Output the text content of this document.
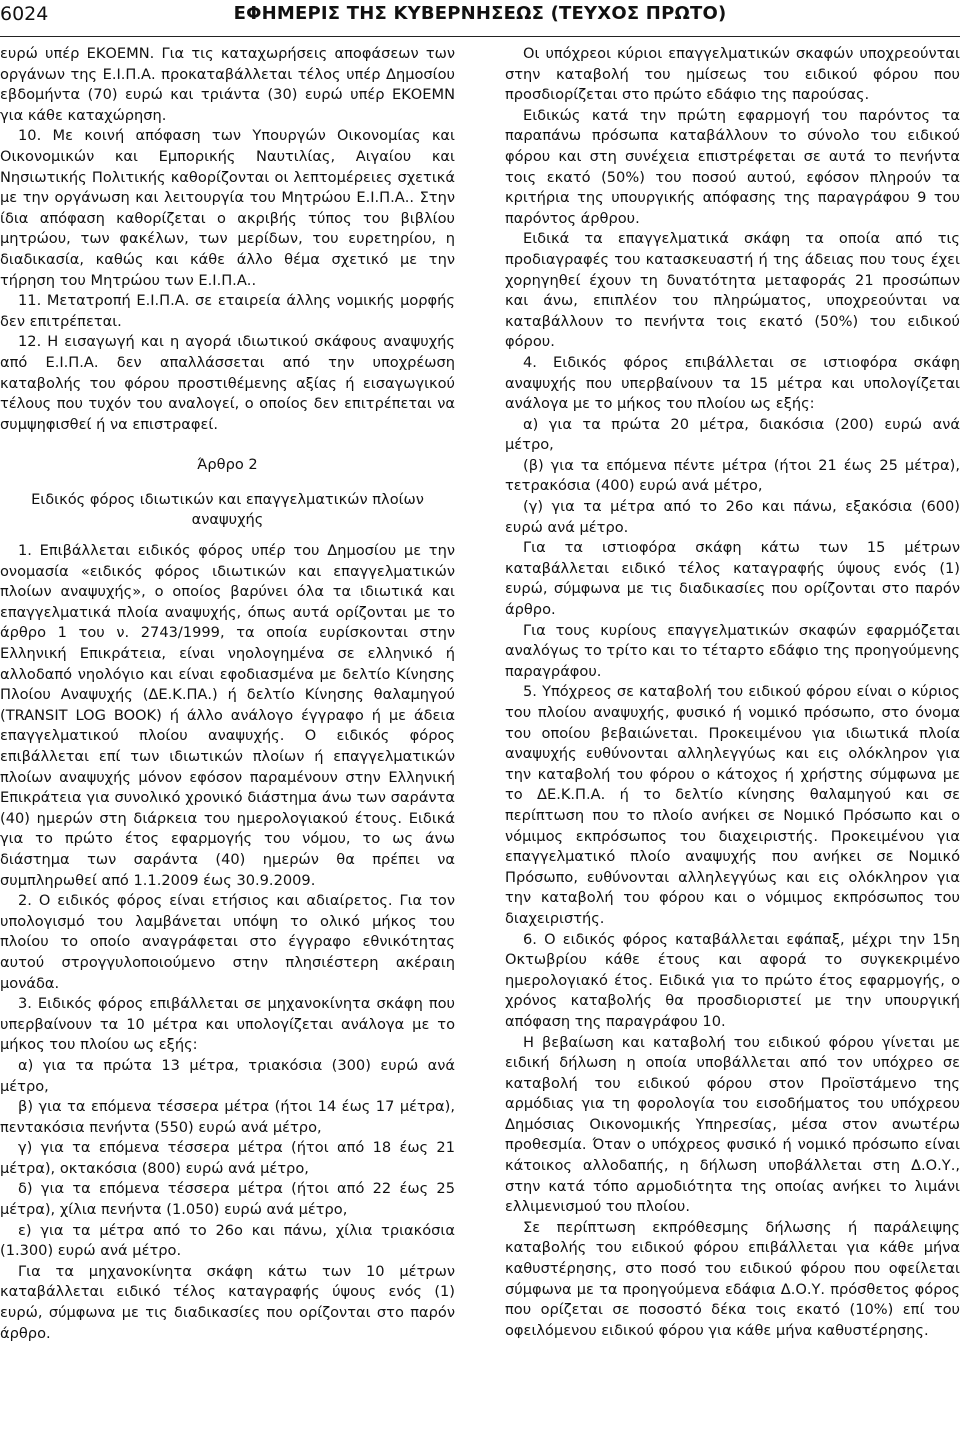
6024	ΕΦΗΜΕΡΙΣ ΤΗΣ ΚΥΒΕΡΝΗΣΕΩΣ (ΤΕΥΧΟΣ ΠΡΩΤΟ)

ευρώ υπέρ ΕΚΟΕΜΝ. Για τις καταχωρήσεις αποφάσεων των οργάνων της Ε.Ι.Π.Α. προκαταβάλλεται τέλος υπέρ Δημοσίου εβδομήντα (70) ευρώ και τριάντα (30) ευρώ υπέρ ΕΚΟΕΜΝ για κάθε καταχώρηση.

10. Με κοινή απόφαση των Υπουργών Οικονομίας και Οικονομικών και Εμπορικής Ναυτιλίας, Αιγαίου και Νησιωτικής Πολιτικής καθορίζονται οι λεπτομέρειες σχετικά με την οργάνωση και λειτουργία του Μητρώου Ε.Ι.Π.Α.. Στην ίδια απόφαση καθορίζεται ο ακριβής τύπος του βιβλίου μητρώου, των φακέλων, των μερίδων, του ευρετηρίου, η διαδικασία, καθώς και κάθε άλλο θέμα σχετικό με την τήρηση του Μητρώου των Ε.Ι.Π.Α..

11. Μετατροπή Ε.Ι.Π.Α. σε εταιρεία άλλης νομικής μορφής δεν επιτρέπεται.

12. Η εισαγωγή και η αγορά ιδιωτικού σκάφους αναψυχής από Ε.Ι.Π.Α. δεν απαλλάσσεται από την υποχρέωση καταβολής του φόρου προστιθέμενης αξίας ή εισαγωγικού τέλους που τυχόν του αναλογεί, ο οποίος δεν επιτρέπεται να συμψηφισθεί ή να επιστραφεί.

Άρθρο 2

Ειδικός φόρος ιδιωτικών και επαγγελματικών πλοίων αναψυχής

1. Επιβάλλεται ειδικός φόρος υπέρ του Δημοσίου με την ονομασία «ειδικός φόρος ιδιωτικών και επαγγελματικών πλοίων αναψυχής», ο οποίος βαρύνει όλα τα ιδιωτικά και επαγγελματικά πλοία αναψυχής, όπως αυτά ορίζονται με το άρθρο 1 του ν. 2743/1999, τα οποία ευρίσκονται στην Ελληνική Επικράτεια, είναι νηολογημένα σε ελληνικό ή αλλοδαπό νηολόγιο και είναι εφοδιασμένα με δελτίο Κίνησης Πλοίου Αναψυχής (ΔΕ.Κ.ΠΑ.) ή δελτίο Κίνησης θαλαμηγού (TRANSIT LOG BOOK) ή άλλο ανάλογο έγγραφο ή με άδεια επαγγελματικού πλοίου αναψυχής. Ο ειδικός φόρος επιβάλλεται επί των ιδιωτικών πλοίων ή επαγγελματικών πλοίων αναψυχής μόνον εφόσον παραμένουν στην Ελληνική Επικράτεια για συνολικό χρονικό διάστημα άνω των σαράντα (40) ημερών στη διάρκεια του ημερολογιακού έτους. Ειδικά για το πρώτο έτος εφαρμογής του νόμου, το ως άνω διάστημα των σαράντα (40) ημερών θα πρέπει να συμπληρωθεί από 1.1.2009 έως 30.9.2009.

2. Ο ειδικός φόρος είναι ετήσιος και αδιαίρετος. Για τον υπολογισμό του λαμβάνεται υπόψη το ολικό μήκος του πλοίου το οποίο αναγράφεται στο έγγραφο εθνικότητας αυτού στρογγυλοποιούμενο στην πλησιέστερη ακέραιη μονάδα.

3. Ειδικός φόρος επιβάλλεται σε μηχανοκίνητα σκάφη που υπερβαίνουν τα 10 μέτρα και υπολογίζεται ανάλογα με το μήκος του πλοίου ως εξής:

α) για τα πρώτα 13 μέτρα, τριακόσια (300) ευρώ ανά μέτρο,

β) για τα επόμενα τέσσερα μέτρα (ήτοι 14 έως 17 μέτρα), πεντακόσια πενήντα (550) ευρώ ανά μέτρο,

γ) για τα επόμενα τέσσερα μέτρα (ήτοι από 18 έως 21 μέτρα), οκτακόσια (800) ευρώ ανά μέτρο,

δ) για τα επόμενα τέσσερα μέτρα (ήτοι από 22 έως 25 μέτρα), χίλια πενήντα (1.050) ευρώ ανά μέτρο,

ε) για τα μέτρα από το 26ο και πάνω, χίλια τριακόσια (1.300) ευρώ ανά μέτρο.

Για τα μηχανοκίνητα σκάφη κάτω των 10 μέτρων καταβάλλεται ειδικό τέλος καταγραφής ύψους ενός (1) ευρώ, σύμφωνα με τις διαδικασίες που ορίζονται στο παρόν άρθρο.

Οι υπόχρεοι κύριοι επαγγελματικών σκαφών υποχρεούνται στην καταβολή του ημίσεως του ειδικού φόρου που προσδιορίζεται στο πρώτο εδάφιο της παρούσας.

Ειδικώς κατά την πρώτη εφαρμογή του παρόντος τα παραπάνω πρόσωπα καταβάλλουν το σύνολο του ειδικού φόρου και στη συνέχεια επιστρέφεται σε αυτά το πενήντα τοις εκατό (50%) του ποσού αυτού, εφόσον πληρούν τα κριτήρια της υπουργικής απόφασης της παραγράφου 9 του παρόντος άρθρου.

Ειδικά τα επαγγελματικά σκάφη τα οποία από τις προδιαγραφές του κατασκευαστή ή της άδειας που τους έχει χορηγηθεί έχουν τη δυνατότητα μεταφοράς 21 προσώπων και άνω, επιπλέον του πληρώματος, υποχρεούνται να καταβάλλουν το πενήντα τοις εκατό (50%) του ειδικού φόρου.

4. Ειδικός φόρος επιβάλλεται σε ιστιοφόρα σκάφη αναψυχής που υπερβαίνουν τα 15 μέτρα και υπολογίζεται ανάλογα με το μήκος του πλοίου ως εξής:

α) για τα πρώτα 20 μέτρα, διακόσια (200) ευρώ ανά μέτρο,

(β) για τα επόμενα πέντε μέτρα (ήτοι 21 έως 25 μέτρα), τετρακόσια (400) ευρώ ανά μέτρο,

(γ) για τα μέτρα από το 26ο και πάνω, εξακόσια (600) ευρώ ανά μέτρο.

Για τα ιστιοφόρα σκάφη κάτω των 15 μέτρων καταβάλλεται ειδικό τέλος καταγραφής ύψους ενός (1) ευρώ, σύμφωνα με τις διαδικασίες που ορίζονται στο παρόν άρθρο.

Για τους κυρίους επαγγελματικών σκαφών εφαρμόζεται αναλόγως το τρίτο και το τέταρτο εδάφιο της προηγούμενης παραγράφου.

5. Υπόχρεος σε καταβολή του ειδικού φόρου είναι ο κύριος του πλοίου αναψυχής, φυσικό ή νομικό πρόσωπο, στο όνομα του οποίου βεβαιώνεται. Προκειμένου για ιδιωτικά πλοία αναψυχής ευθύνονται αλληλεγγύως και εις ολόκληρον για την καταβολή του φόρου ο κάτοχος ή χρήστης σύμφωνα με το ΔΕ.Κ.Π.Α. ή το δελτίο κίνησης θαλαμηγού και σε περίπτωση που το πλοίο ανήκει σε Νομικό Πρόσωπο και ο νόμιμος εκπρόσωπος του διαχειριστής. Προκειμένου για επαγγελματικό πλοίο αναψυχής που ανήκει σε Νομικό Πρόσωπο, ευθύνονται αλληλεγγύως και εις ολόκληρον για την καταβολή του φόρου και ο νόμιμος εκπρόσωπος του διαχειριστής.

6. Ο ειδικός φόρος καταβάλλεται εφάπαξ, μέχρι την 15η Οκτωβρίου κάθε έτους και αφορά το συγκεκριμένο ημερολογιακό έτος. Ειδικά για το πρώτο έτος εφαρμογής, ο χρόνος καταβολής θα προσδιοριστεί με την υπουργική απόφαση της παραγράφου 10.

Η βεβαίωση και καταβολή του ειδικού φόρου γίνεται με ειδική δήλωση η οποία υποβάλλεται από τον υπόχρεο σε καταβολή του ειδικού φόρου στον Προϊστάμενο της αρμόδιας για τη φορολογία του εισοδήματος του υπόχρεου Δημόσιας Οικονομικής Υπηρεσίας, μέσα στον ανωτέρω προθεσμία. Όταν ο υπόχρεος φυσικό ή νομικό πρόσωπο είναι κάτοικος αλλοδαπής, η δήλωση υποβάλλεται στη Δ.Ο.Υ., στην κατά τόπο αρμοδιότητα της οποίας ανήκει το λιμάνι ελλιμενισμού του πλοίου.

Σε περίπτωση εκπρόθεσμης δήλωσης ή παράλειψης καταβολής του ειδικού φόρου επιβάλλεται για κάθε μήνα καθυστέρησης, στο ποσό του ειδικού φόρου που οφείλεται σύμφωνα με τα προηγούμενα εδάφια Δ.Ο.Υ. πρόσθετος φόρος που ορίζεται σε ποσοστό δέκα τοις εκατό (10%) επί του οφειλόμενου ειδικού φόρου για κάθε μήνα καθυστέρησης.
